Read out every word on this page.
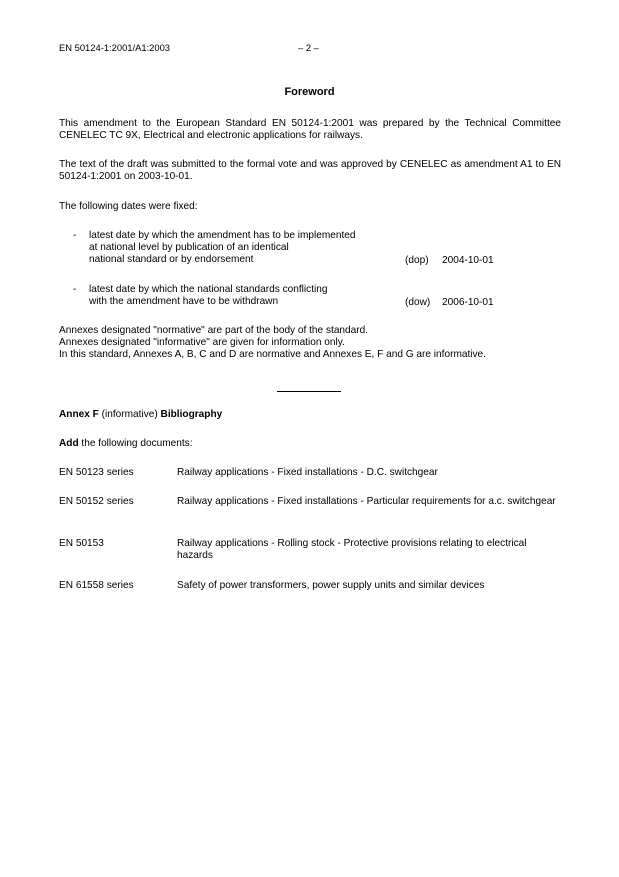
EN 50124-1:2001/A1:2003	– 2 –
Foreword
This amendment to the European Standard EN 50124-1:2001 was prepared by the Technical Committee CENELEC TC 9X, Electrical and electronic applications for railways.
The text of the draft was submitted to the formal vote and was approved by CENELEC as amendment A1 to EN 50124-1:2001 on 2003-10-01.
The following dates were fixed:
- latest date by which the amendment has to be implemented
at national level by publication of an identical
national standard or by endorsement	(dop) 2004-10-01
- latest date by which the national standards conflicting
with the amendment have to be withdrawn	(dow) 2006-10-01
Annexes designated "normative" are part of the body of the standard.
Annexes designated "informative" are given for information only.
In this standard, Annexes A, B, C and D are normative and Annexes E, F and G are informative.
Annex F (informative) Bibliography
Add the following documents:
EN 50123 series	Railway applications - Fixed installations - D.C. switchgear
EN 50152 series	Railway applications - Fixed installations - Particular requirements for a.c. switchgear
EN 50153	Railway applications - Rolling stock - Protective provisions relating to electrical hazards
EN 61558 series	Safety of power transformers, power supply units and similar devices
